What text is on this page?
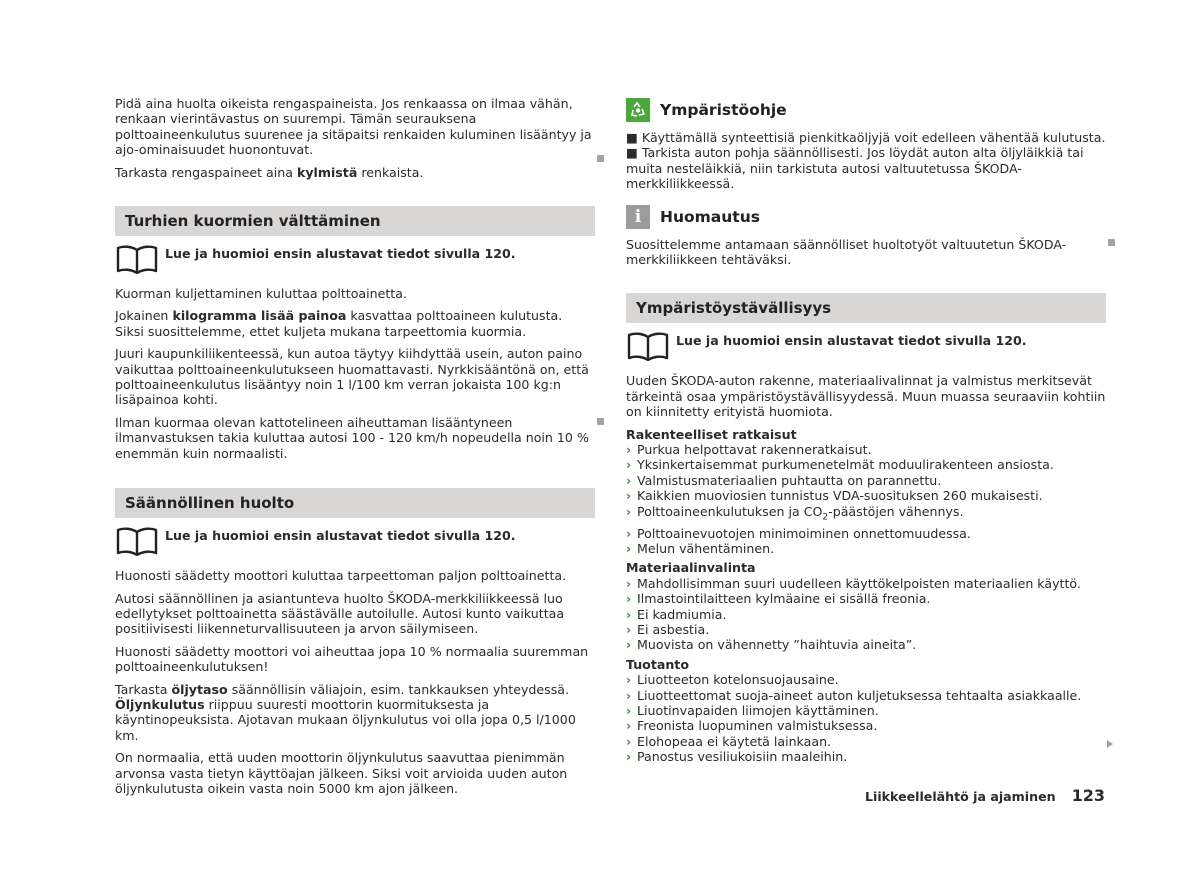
Pidä aina huolta oikeista rengaspaineista. Jos renkaassa on ilmaa vähän, renkaan vierintävastus on suurempi. Tämän seurauksena polttoaineenkulutus suurenee ja sitäpaitsi renkaiden kuluminen lisääntyy ja ajo-ominaisuudet huonontuvat.

Tarkasta rengaspaineet aina kylmistä renkaista.

Turhien kuormien välttäminen
Lue ja huomioi ensin alustavat tiedot sivulla 120.

Kuorman kuljettaminen kuluttaa polttoainetta.

Jokainen kilogramma lisää painoa kasvattaa polttoaineen kulutusta. Siksi suosittelemme, ettet kuljeta mukana tarpeettomia kuormia.

Juuri kaupunkiliikenteessä, kun autoa täytyy kiihdyttää usein, auton paino vaikuttaa polttoaineenkulutukseen huomattavasti. Nyrkkisääntönä on, että polttoaineenkulutus lisääntyy noin 1 l/100 km verran jokaista 100 kg:n lisäpainoa kohti.

Ilman kuormaa olevan kattotelineen aiheuttaman lisääntyneen ilmanvastuksen takia kuluttaa autosi 100 - 120 km/h nopeudella noin 10 % enemmän kuin normaalisti.

Säännöllinen huolto
Lue ja huomioi ensin alustavat tiedot sivulla 120.

Huonosti säädetty moottori kuluttaa tarpeettoman paljon polttoainetta.

Autosi säännöllinen ja asiantunteva huolto ŠKODA-merkkiliikkeessä luo edellytykset polttoainetta säästävälle autoilulle. Autosi kunto vaikuttaa positiivisesti liikenneturvallisuuteen ja arvon säilymiseen.

Huonosti säädetty moottori voi aiheuttaa jopa 10 % normaalia suuremman polttoaineenkulutuksen!

Tarkasta öljytaso säännöllisin väliajoin, esim. tankkauksen yhteydessä. Öljynkulutus riippuu suuresti moottorin kuormituksesta ja käyntinopeuksista. Ajotavan mukaan öljynkulutus voi olla jopa 0,5 l/1000 km.

On normaalia, että uuden moottorin öljynkulutus saavuttaa pienimmän arvonsa vasta tietyn käyttöajan jälkeen. Siksi voit arvioida uuden auton öljynkulutusta oikein vasta noin 5000 km ajon jälkeen.

Ympäristöohje
■ Käyttämällä synteettisiä pienkitkaöljyjä voit edelleen vähentää kulutusta.
■ Tarkista auton pohja säännöllisesti. Jos löydät auton alta öljyläikkiä tai muita nesteläikkiä, niin tarkistuta autosi valtuutetussa ŠKODA-merkkiliikkeessä.
i	Huomautus

Suosittelemme antamaan säännölliset huoltotyöt valtuutetun ŠKODA-merkkiliikkeen tehtäväksi.

Ympäristöystävällisyys
Lue ja huomioi ensin alustavat tiedot sivulla 120.

Uuden ŠKODA-auton rakenne, materiaalivalinnat ja valmistus merkitsevät tärkeintä osaa ympäristöystävällisyydessä. Muun muassa seuraaviin kohtiin on kiinnitetty erityistä huomiota.

Rakenteelliset ratkaisut
› Purkua helpottavat rakenneratkaisut.
› Yksinkertaisemmat purkumenetelmät moduulirakenteen ansiosta.
› Valmistusmateriaalien puhtautta on parannettu.
› Kaikkien muoviosien tunnistus VDA-suosituksen 260 mukaisesti.
› Polttoaineenkulutuksen ja $CO_2$-päästöjen vähennys.
› Polttoainevuotojen minimoiminen onnettomuudessa.
› Melun vähentäminen.
Materiaalinvalinta
› Mahdollisimman suuri uudelleen käyttökelpoisten materiaalien käyttö.
› Ilmastointilaitteen kylmäaine ei sisällä freonia.
› Ei kadmiumia.
› Ei asbestia.
› Muovista on vähennetty ”haihtuvia aineita”.
Tuotanto
› Liuotteeton kotelonsuojausaine.
› Liuotteettomat suoja-aineet auton kuljetuksessa tehtaalta asiakkaalle.
› Liuotinvapaiden liimojen käyttäminen.
› Freonista luopuminen valmistuksessa.
› Elohopeaa ei käytetä lainkaan.
› Panostus vesiliukoisiin maaleihin.
Liikkeellelähtö ja ajaminen 123
